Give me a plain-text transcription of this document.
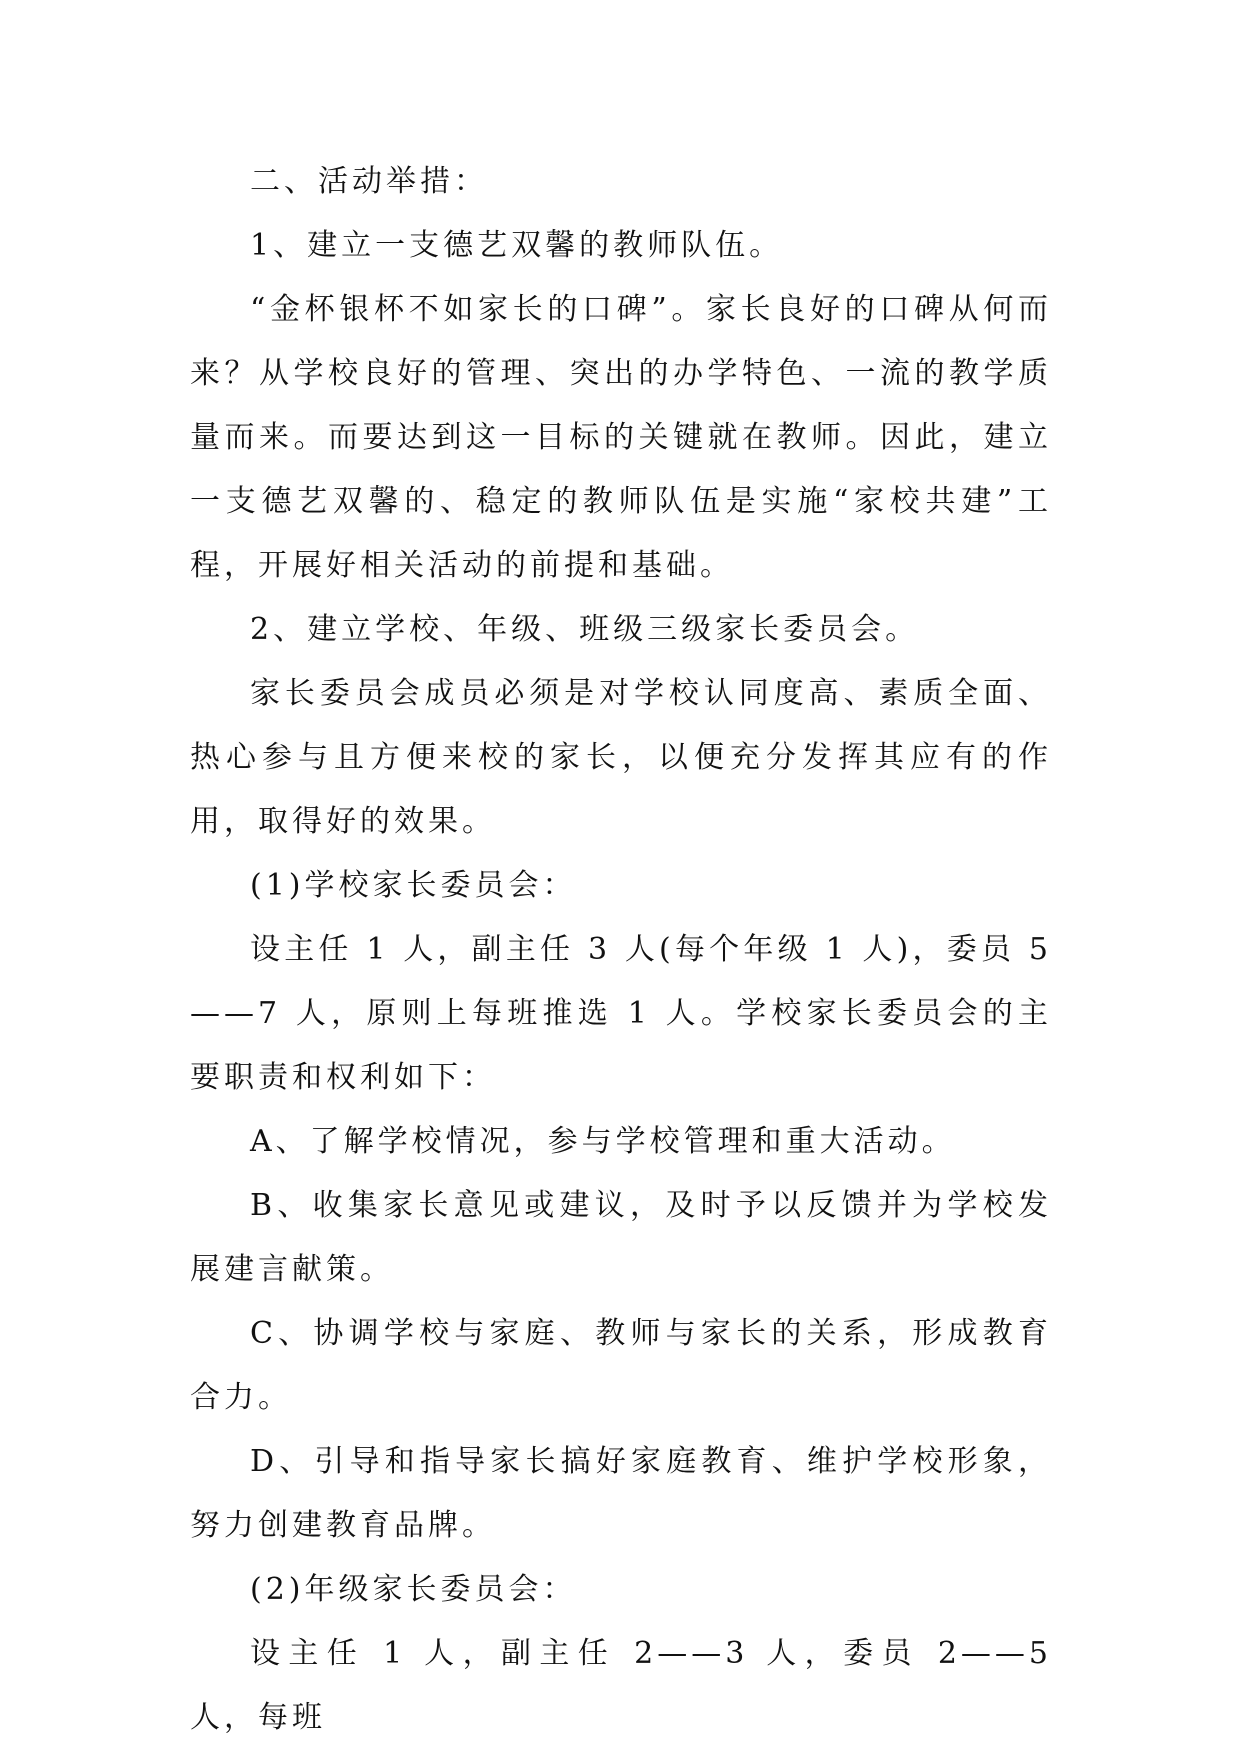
二、活动举措：

1、建立一支德艺双馨的教师队伍。

“金杯银杯不如家长的口碑”。家长良好的口碑从何而来？从学校良好的管理、突出的办学特色、一流的教学质量而来。而要达到这一目标的关键就在教师。因此，建立一支德艺双馨的、稳定的教师队伍是实施“家校共建”工程，开展好相关活动的前提和基础。

2、建立学校、年级、班级三级家长委员会。

家长委员会成员必须是对学校认同度高、素质全面、热心参与且方便来校的家长，以便充分发挥其应有的作用，取得好的效果。

(1)学校家长委员会：

设主任 1 人，副主任 3 人(每个年级 1 人)，委员 5——7 人，原则上每班推选 1 人。学校家长委员会的主要职责和权利如下：

A、了解学校情况，参与学校管理和重大活动。

B、收集家长意见或建议，及时予以反馈并为学校发展建言献策。

C、协调学校与家庭、教师与家长的关系，形成教育合力。

D、引导和指导家长搞好家庭教育、维护学校形象，努力创建教育品牌。

(2)年级家长委员会：

设主任 1 人，副主任 2——3 人，委员 2——5 人，每班
